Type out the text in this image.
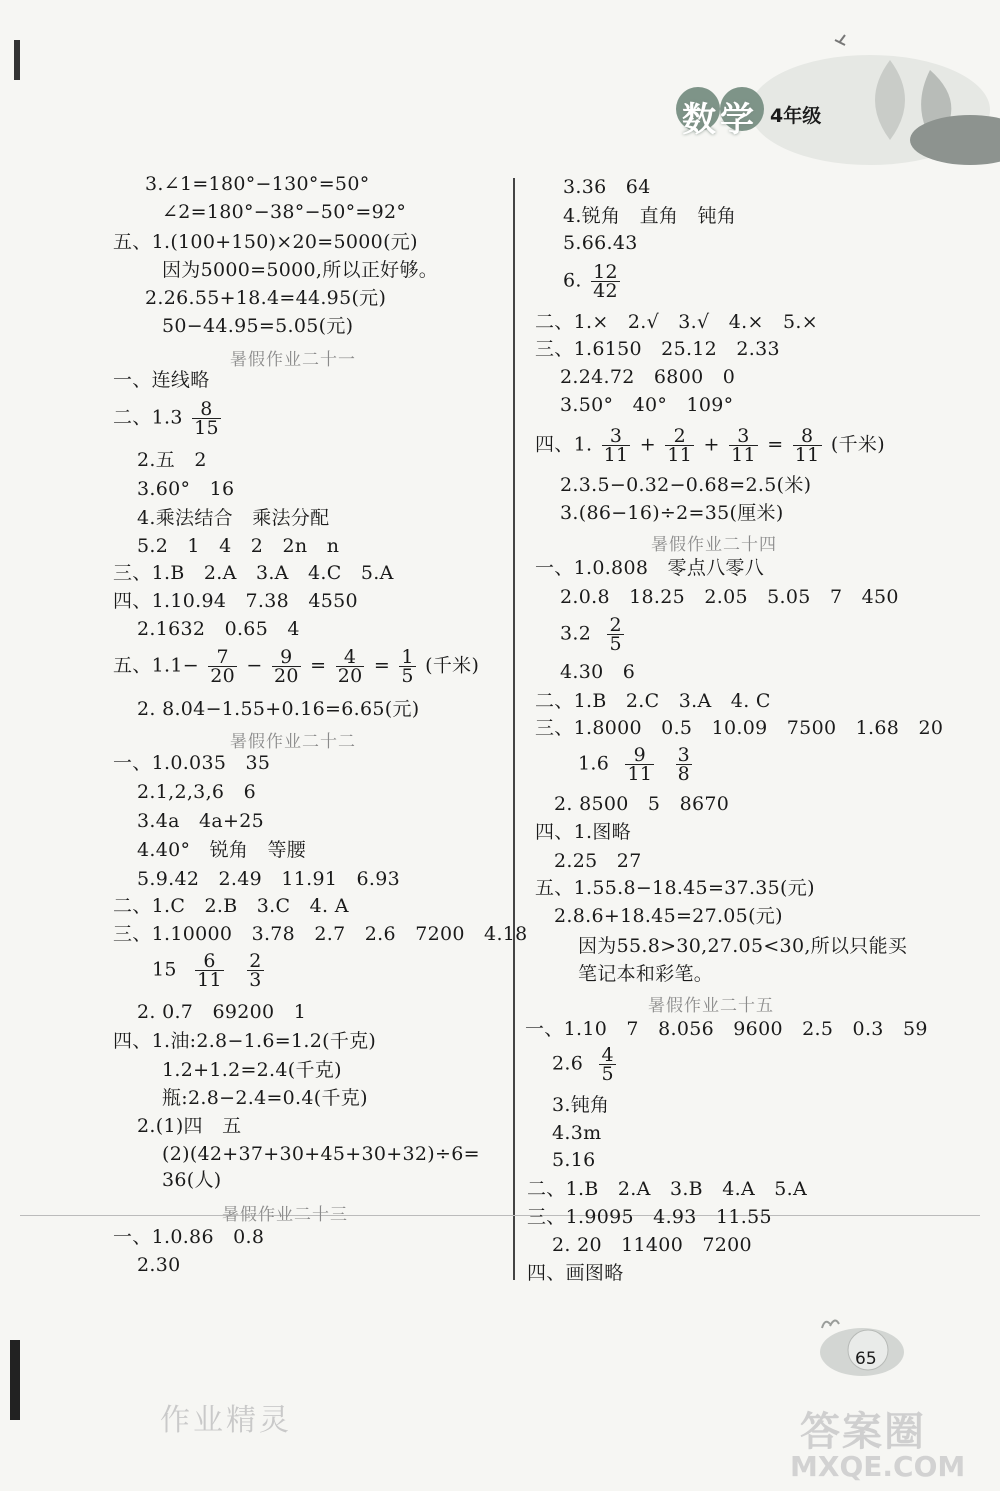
数学 4年级
3.∠1=180°−130°=50°
∠2=180°−38°−50°=92°
五、1.(100+150)×20=5000(元)
因为5000=5000,所以正好够。
2.26.55+18.4=44.95(元)
50−44.95=5.05(元)
暑假作业二十一
一、连线略
二、$1.3 \frac{8}{15}$
2.五　2
3.60°　16
4.乘法结合　乘法分配
5.2　1　4　2　2n　n
三、1.B　2.A　3.A　4.C　5.A
四、1.10.94　7.38　4550
2.1632　0.65　4
五、$1.1- \frac{7}{20} - \frac{9}{20} = \frac{4}{20} = \frac{1}{5}$ (千米)
2. 8.04−1.55+0.16=6.65(元)
暑假作业二十二
一、1.0.035　35
2.1,2,3,6　6
3.4a　4a+25
4.40°　锐角　等腰
5.9.42　2.49　11.91　6.93
二、1.C　2.B　3.C　4. A
三、1.10000　3.78　2.7　2.6　7200　4.18
$15 \frac{6}{11}$
$\frac{2}{3}$
2. 0.7　69200　1
四、1.油:2.8−1.6=1.2(千克)
1.2+1.2=2.4(千克)
瓶:2.8−2.4=0.4(千克)
2.(1)四　五
(2)(42+37+30+45+30+32)÷6=
36(人)
暑假作业二十三
一、1.0.86　0.8
2.30
3.36　64
4.锐角　直角　钝角
5.66.43
6. $\frac{12}{42}$
二、1.×　2.√　3.√　4.×　5.×
三、1.6150　25.12　2.33
2.24.72　6800　0
3.50°　40°　109°
四、1. $\frac{3}{11} + \frac{2}{11} + \frac{3}{11} = \frac{8}{11}$ (千米)
2.3.5−0.32−0.68=2.5(米)
3.(86−16)÷2=35(厘米)
暑假作业二十四
一、1.0.808　零点八零八
2.0.8　18.25　2.05　5.05　7　450
$3.2 \frac{2}{5}$
4.30　6
二、1.B　2.C　3.A　4. C
三、1.8000　0.5　10.09　7500　1.68　20
$1.6 \frac{9}{11}$
$\frac{3}{8}$
2. 8500　5　8670
四、1.图略
2.25　27
五、1.55.8−18.45=37.35(元)
2.8.6+18.45=27.05(元)
因为55.8>30,27.05<30,所以只能买
笔记本和彩笔。
暑假作业二十五
一、1.10　7　8.056　9600　2.5　0.3　59
$2.6 \frac{4}{5}$
3.钝角
4.3m
5.16
二、1.B　2.A　3.B　4.A　5.A
三、1.9095　4.93　11.55
2. 20　11400　7200
四、画图略
65
作业精灵	答案圈
MXQE.COM
